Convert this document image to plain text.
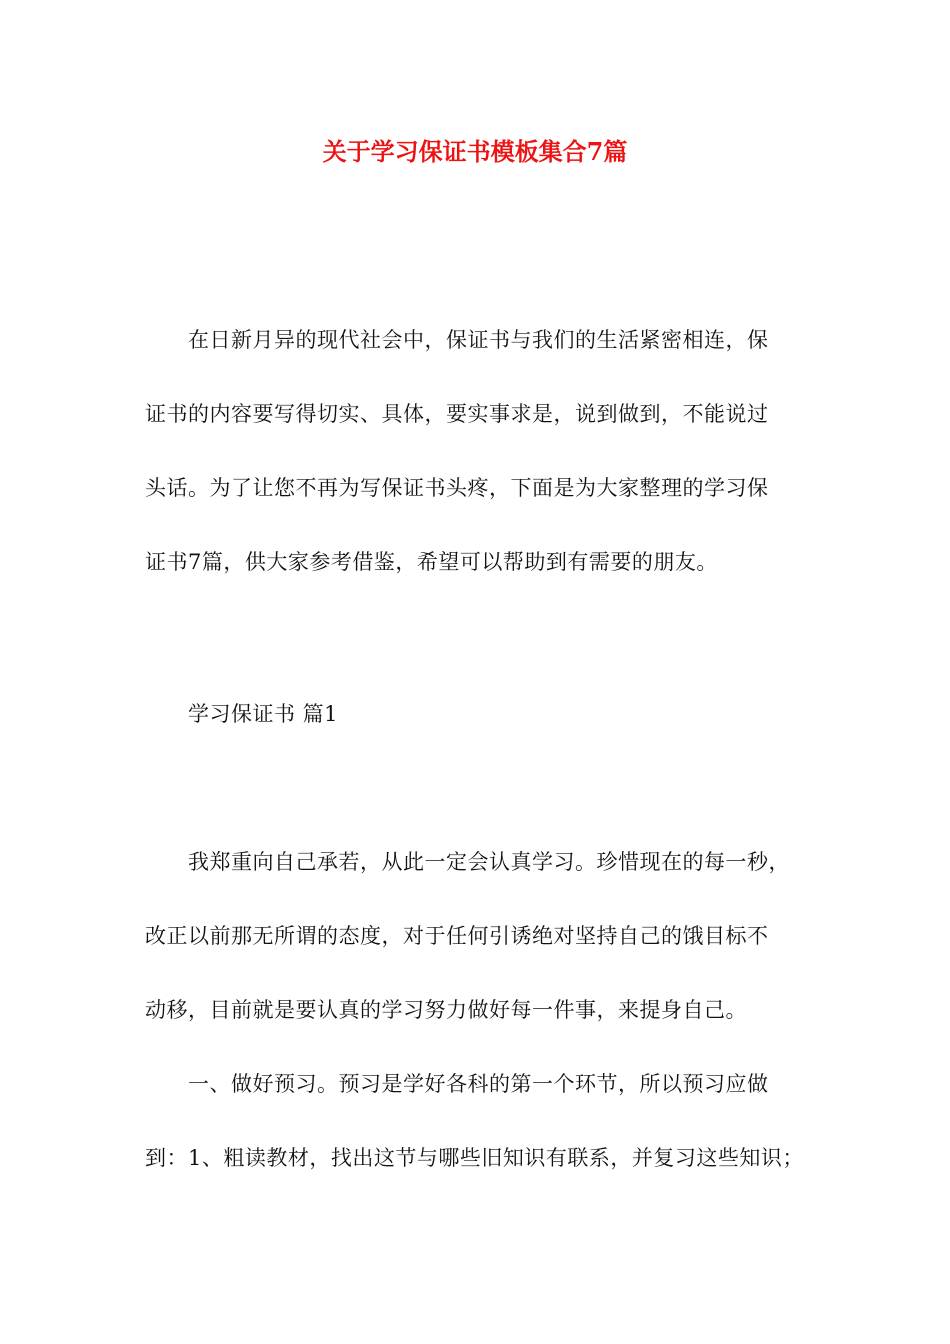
关于学习保证书模板集合7篇
　　在日新月异的现代社会中，保证书与我们的生活紧密相连，保
证书的内容要写得切实、具体，要实事求是，说到做到，不能说过
头话。为了让您不再为写保证书头疼，下面是为大家整理的学习保
证书7篇，供大家参考借鉴，希望可以帮助到有需要的朋友。
　　学习保证书 篇1
　　我郑重向自己承若，从此一定会认真学习。珍惜现在的每一秒，
改正以前那无所谓的态度，对于任何引诱绝对坚持自己的饿目标不
动移，目前就是要认真的学习努力做好每一件事，来提身自己。
　　一、做好预习。预习是学好各科的第一个环节，所以预习应做
到：1、粗读教材，找出这节与哪些旧知识有联系，并复习这些知识；
